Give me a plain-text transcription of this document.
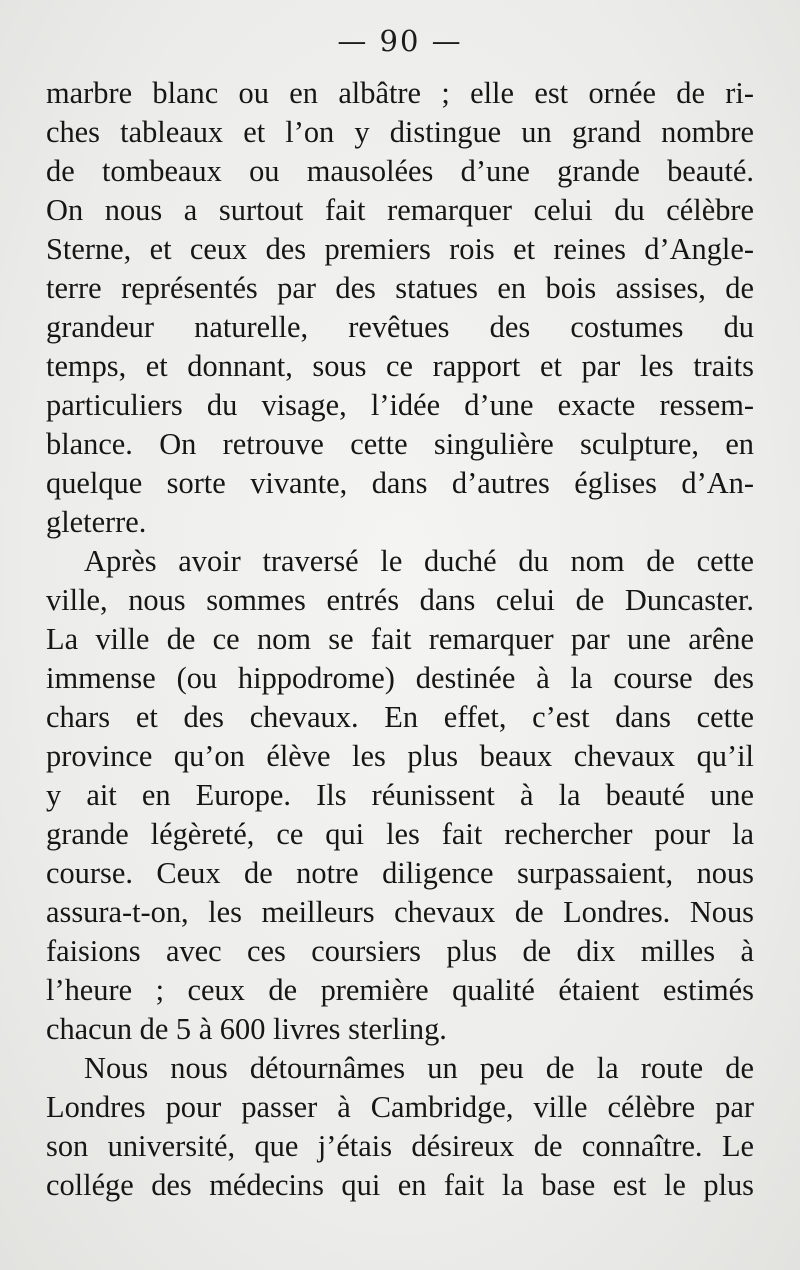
— 90 —
marbre blanc ou en albâtre ; elle est ornée de ri-
ches tableaux et l’on y distingue un grand nombre
de tombeaux ou mausolées d’une grande beauté.
On nous a surtout fait remarquer celui du célèbre
Sterne, et ceux des premiers rois et reines d’Angle-
terre représentés par des statues en bois assises, de
grandeur naturelle, revêtues des costumes du
temps, et donnant, sous ce rapport et par les traits
particuliers du visage, l’idée d’une exacte ressem-
blance. On retrouve cette singulière sculpture, en
quelque sorte vivante, dans d’autres églises d’An-
gleterre.
Après avoir traversé le duché du nom de cette
ville, nous sommes entrés dans celui de Duncaster.
La ville de ce nom se fait remarquer par une arêne
immense (ou hippodrome) destinée à la course des
chars et des chevaux. En effet, c’est dans cette
province qu’on élève les plus beaux chevaux qu’il
y ait en Europe. Ils réunissent à la beauté une
grande légèreté, ce qui les fait rechercher pour la
course. Ceux de notre diligence surpassaient, nous
assura-t-on, les meilleurs chevaux de Londres. Nous
faisions avec ces coursiers plus de dix milles à
l’heure ; ceux de première qualité étaient estimés
chacun de 5 à 600 livres sterling.
Nous nous détournâmes un peu de la route de
Londres pour passer à Cambridge, ville célèbre par
son université, que j’étais désireux de connaître. Le
collége des médecins qui en fait la base est le plus
